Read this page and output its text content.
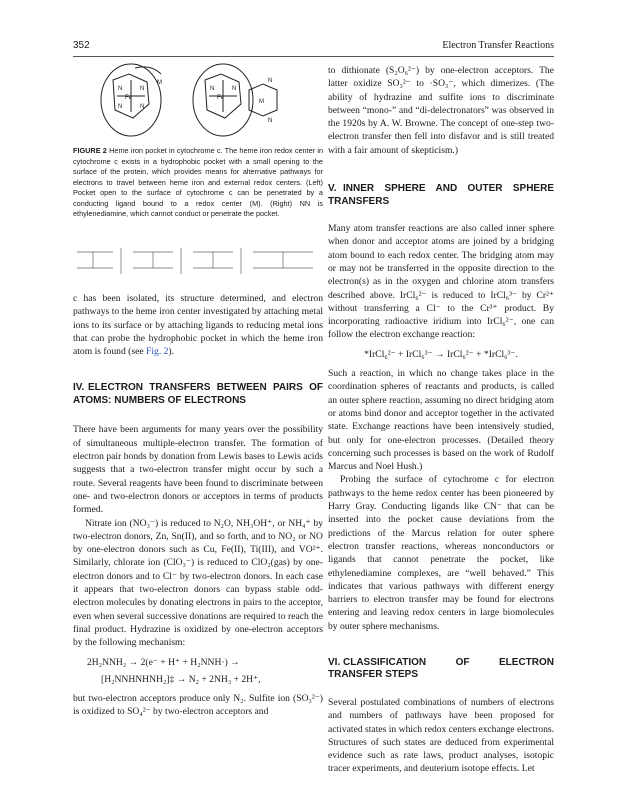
352	Electron Transfer Reactions
Fe	Fe
M
M
N	N
N	N
N	N
N
N
FIGURE 2 Heme iron pocket in cytochrome c. The heme iron redox center in cytochrome c exists in a hydrophobic pocket with a small opening to the surface of the protein, which provides means for alternative pathways for electrons to travel between heme iron and external redox centers. (Left) Pocket open to the surface of cytochrome c can be penetrated by a conducting ligand bound to a redox center (M). (Right) NN is ethylenediamine, which cannot conduct or penetrate the pocket.

c has been isolated, its structure determined, and electron pathways to the heme iron center investigated by attaching metal ions to its surface or by attaching ligands to reducing metal ions that can probe the hydrophobic pocket in which the heme iron atom is found (see Fig. 2).

IV. ELECTRON TRANSFERS BETWEEN PAIRS OF ATOMS: NUMBERS OF ELECTRONS

There have been arguments for many years over the possibility of simultaneous multiple-electron transfer. The formation of electron pair bonds by donation from Lewis bases to Lewis acids suggests that a two-electron transfer might occur by such a route. Several reagents have been found to discriminate between one- and two-electron donors or acceptors in terms of products formed.

Nitrate ion (NO₃⁻) is reduced to N₂O, NH₃OH⁺, or NH₄⁺ by two-electron donors, Zn, Sn(II), and so forth, and to NO₂ or NO by one-electron donors such as Cu, Fe(II), Ti(III), and VO²⁺. Similarly, chlorate ion (ClO₃⁻) is reduced to ClO₂(gas) by one-electron donors and to Cl⁻ by two-electron donors. In each case it appears that two-electron donors can bypass stable odd-electron molecules by donating electrons in pairs to the acceptor, even when several successive donations are required to reach the final product. Hydrazine is oxidized by one-electron acceptors by the following mechanism:

2H₂NNH₂ → 2(e⁻ + H⁺ + H₂NNH·) →

[H₂NNHNHNH₂]‡ → N₂ + 2NH₃ + 2H⁺,

but two-electron acceptors produce only N₂. Sulfite ion (SO₃²⁻) is oxidized to SO₄²⁻ by two-electron acceptors and

to dithionate (S₂O₆²⁻) by one-electron acceptors. The latter oxidize SO₃²⁻ to ·SO₃⁻, which dimerizes. (The ability of hydrazine and sulfite ions to discriminate between “mono-” and “di-delectronators” was observed in the 1920s by A. W. Browne. The concept of one-step two-electron transfer then fell into disfavor and is still treated with a fair amount of skepticism.)

V. INNER SPHERE AND OUTER SPHERE TRANSFERS

Many atom transfer reactions are also called inner sphere when donor and acceptor atoms are joined by a bridging atom bound to each redox center. The bridging atom may or may not be transferred in the opposite direction to the electron(s) as in the oxygen and chlorine atom transfers described above. IrCl₆²⁻ is reduced to IrCl₆³⁻ by Cr²⁺ without transferring a Cl⁻ to the Cr³⁺ product. By incorporating radioactive iridium into IrCl₆²⁻, one can follow the electron exchange reaction:

*IrCl₆²⁻ + IrCl₆³⁻ → IrCl₆²⁻ + *IrCl₆³⁻.

Such a reaction, in which no change takes place in the coordination spheres of reactants and products, is called an outer sphere reaction, assuming no direct bridging atom or atoms bind donor and acceptor together in the activated state. Exchange reactions have been intensively studied, but only for one-electron processes. (Detailed theory concerning such processes is based on the work of Rudolf Marcus and Noel Hush.)

Probing the surface of cytochrome c for electron pathways to the heme redox center has been pioneered by Harry Gray. Conducting ligands like CN⁻ that can be inserted into the pocket cause deviations from the predictions of the Marcus relation for outer sphere electron transfer reactions, whereas nonconductors or ligands that cannot penetrate the pocket, like ethylenediamine complexes, are “well behaved.” This indicates that various pathways with different energy barriers to electron transfer may be found for electrons entering and leaving redox centers in large biomolecules by outer sphere mechanisms.

VI. CLASSIFICATION OF ELECTRON TRANSFER STEPS

Several postulated combinations of numbers of electrons and numbers of pathways have been proposed for activated states in which redox centers exchange electrons. Structures of such states are deduced from experimental evidence such as rate laws, product analyses, isotopic tracer experiments, and deuterium isotope effects. Let
